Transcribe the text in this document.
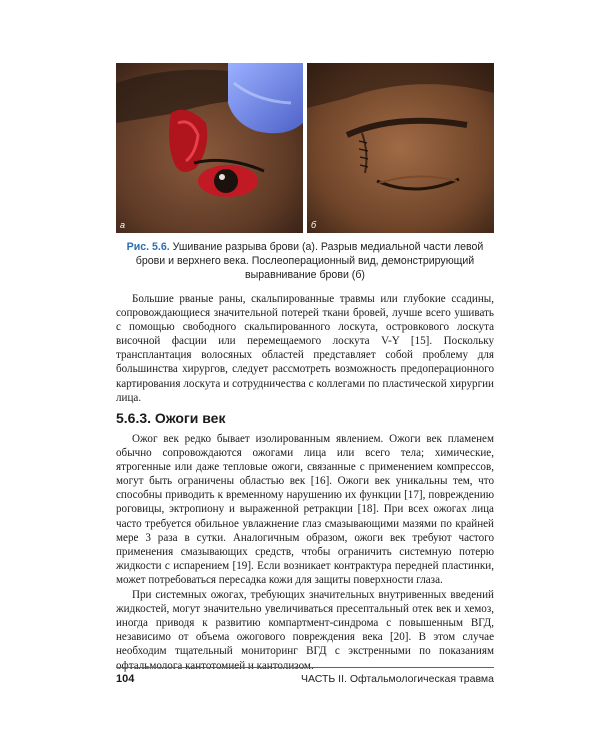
а	б
Рис. 5.6. Ушивание разрыва брови (а). Разрыв медиальной части левой брови и верхнего века. Послеоперационный вид, демонстрирующий выравнивание брови (б)

Большие рваные раны, скальпированные травмы или глубокие ссадины, сопровождающиеся значительной потерей ткани бровей, лучше всего ушивать с помощью свободного скальпированного лоскута, островкового лоскута височной фасции или перемещаемого лоскута V-Y [15]. Поскольку трансплантация волосяных областей представляет собой проблему для большинства хирургов, следует рассмотреть возможность предоперационного картирования лоскута и сотрудничества с коллегами по пластической хирургии лица.

5.6.3. Ожоги век

Ожог век редко бывает изолированным явлением. Ожоги век пламенем обычно сопровождаются ожогами лица или всего тела; химические, ятрогенные или даже тепловые ожоги, связанные с применением компрессов, могут быть ограничены областью век [16]. Ожоги век уникальны тем, что способны приводить к временному нарушению их функции [17], повреждению роговицы, эктропиону и выраженной ретракции [18]. При всех ожогах лица часто требуется обильное увлажнение глаз смазывающими мазями по крайней мере 3 раза в сутки. Аналогичным образом, ожоги век требуют частого применения смазывающих средств, чтобы ограничить системную потерю жидкости с испарением [19]. Если возникает контрактура передней пластинки, может потребоваться пересадка кожи для защиты поверхности глаза.

При системных ожогах, требующих значительных внутривенных введений жидкостей, могут значительно увеличиваться пресептальный отек век и хемоз, иногда приводя к развитию компартмент-синдрома с повышенным ВГД, независимо от объема ожогового повреждения века [20]. В этом случае необходим тщательный мониторинг ВГД с экстренными по показаниям офтальмолога кантотомией и кантолизом.

104	ЧАСТЬ II. Офтальмологическая травма
